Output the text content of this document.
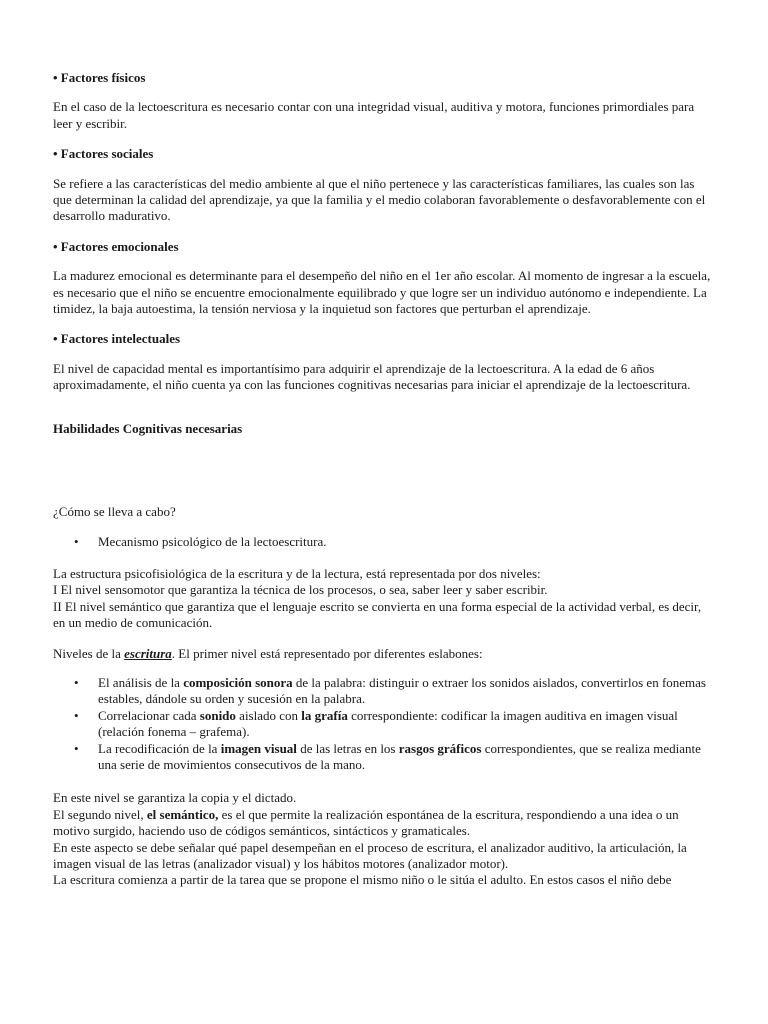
• Factores físicos

En el caso de la lectoescritura es necesario contar con una integridad visual, auditiva y motora, funciones primordiales para leer y escribir.

• Factores sociales

Se refiere a las características del medio ambiente al que el niño pertenece y las características familiares, las cuales son las que determinan la calidad del aprendizaje, ya que la familia y el medio colaboran favorablemente o desfavorablemente con el desarrollo madurativo.

• Factores emocionales

La madurez emocional es determinante para el desempeño del niño en el 1er año escolar. Al momento de ingresar a la escuela, es necesario que el niño se encuentre emocionalmente equilibrado y que logre ser un individuo autónomo e independiente. La timidez, la baja autoestima, la tensión nerviosa y la inquietud son factores que perturban el aprendizaje.

• Factores intelectuales

El nivel de capacidad mental es importantísimo para adquirir el aprendizaje de la lectoescritura. A la edad de 6 años aproximadamente, el niño cuenta ya con las funciones cognitivas necesarias para iniciar el aprendizaje de la lectoescritura.

Habilidades Cognitivas necesarias

¿Cómo se lleva a cabo?

• Mecanismo psicológico de la lectoescritura.
La estructura psicofisiológica de la escritura y de la lectura, está representada por dos niveles:
I El nivel sensomotor que garantiza la técnica de los procesos, o sea, saber leer y saber escribir.
II El nivel semántico que garantiza que el lenguaje escrito se convierta en una forma especial de la actividad verbal, es decir, en un medio de comunicación.

Niveles de la escritura. El primer nivel está representado por diferentes eslabones:

• El análisis de la composición sonora de la palabra: distinguir o extraer los sonidos aislados, convertirlos en fonemas estables, dándole su orden y sucesión en la palabra.
• Correlacionar cada sonido aislado con la grafía correspondiente: codificar la imagen auditiva en imagen visual (relación fonema – grafema).
• La recodificación de la imagen visual de las letras en los rasgos gráficos correspondientes, que se realiza mediante una serie de movimientos consecutivos de la mano.
En este nivel se garantiza la copia y el dictado.
El segundo nivel, el semántico, es el que permite la realización espontánea de la escritura, respondiendo a una idea o un motivo surgido, haciendo uso de códigos semánticos, sintácticos y gramaticales.
En este aspecto se debe señalar qué papel desempeñan en el proceso de escritura, el analizador auditivo, la articulación, la imagen visual de las letras (analizador visual) y los hábitos motores (analizador motor).
La escritura comienza a partir de la tarea que se propone el mismo niño o le sitúa el adulto. En estos casos el niño debe
